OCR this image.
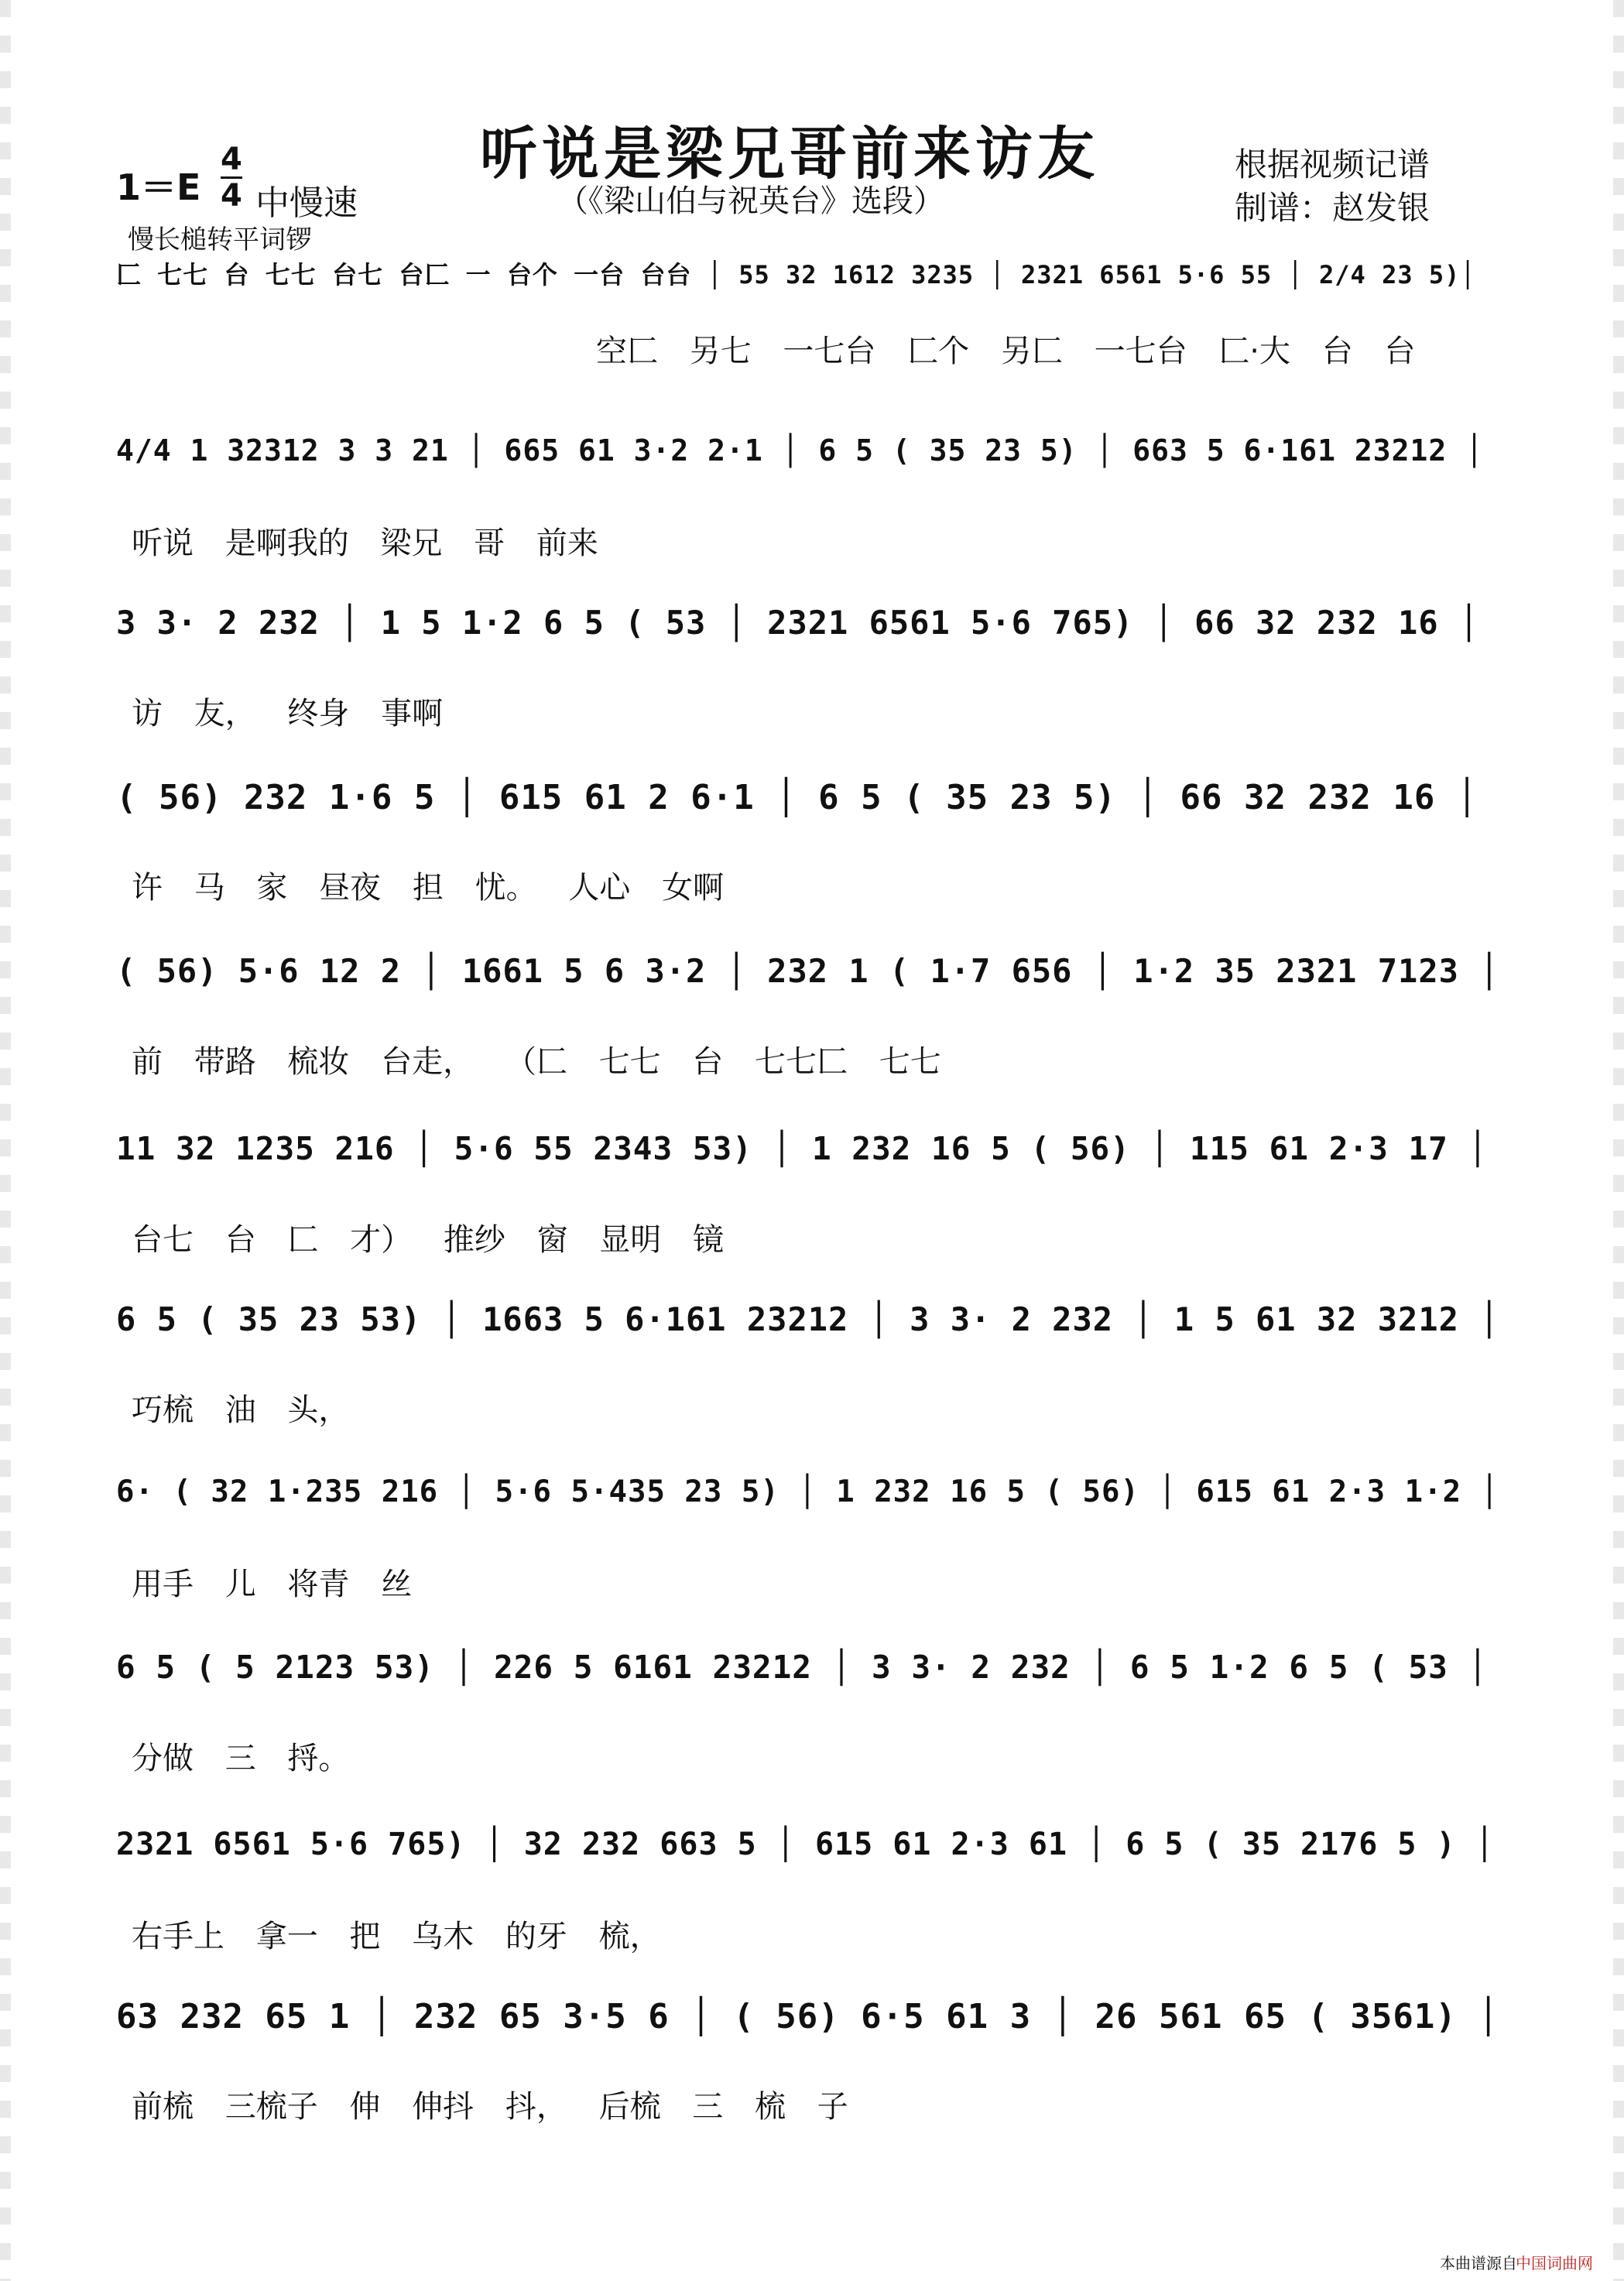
听说是梁兄哥前来访友
（《梁山伯与祝英台》选段）
1＝E
4
4 中慢速
慢长槌转平词锣
根据视频记谱
制谱：赵发银
匚 七七 台 七七 台七 台匚 一 台个 一台 台台 │ 55 32 1612 3235 │ 2321 6561 5·6 55 │ 2/4 23 5)│
空匚 另七 一七台 匚个 另匚 一七台 匚·大 台 台
4/4 1 32312 3 3 21 │ 665 61 3·2 2·1 │ 6 5 ( 35 23 5) │ 663 5 6·161 23212 │
听说 是啊我的 梁兄 哥 前来
3 3· 2 232 │ 1 5 1·2 6 5 ( 53 │ 2321 6561 5·6 765) │ 66 32 232 16 │
访 友， 终身 事啊
( 56) 232 1·6 5 │ 615 61 2 6·1 │ 6 5 ( 35 23 5) │ 66 32 232 16 │
许 马 家 昼夜 担 忧。 人心 女啊
( 56) 5·6 12 2 │ 1661 5 6 3·2 │ 232 1 ( 1·7 656 │ 1·2 35 2321 7123 │
前 带路 梳妆 台走， （匚 七七 台 七七匚 七七
11 32 1235 216 │ 5·6 55 2343 53) │ 1 232 16 5 ( 56) │ 115 61 2·3 17 │
台七 台 匚 才） 推纱 窗 显明 镜
6 5 ( 35 23 53) │ 1663 5 6·161 23212 │ 3 3· 2 232 │ 1 5 61 32 3212 │
巧梳 油 头，
6· ( 32 1·235 216 │ 5·6 5·435 23 5) │ 1 232 16 5 ( 56) │ 615 61 2·3 1·2 │
用手 儿 将青 丝
6 5 ( 5 2123 53) │ 226 5 6161 23212 │ 3 3· 2 232 │ 6 5 1·2 6 5 ( 53 │
分做 三 捋。
2321 6561 5·6 765) │ 32 232 663 5 │ 615 61 2·3 61 │ 6 5 ( 35 2176 5 ) │
右手上 拿一 把 乌木 的牙 梳，
63 232 65 1 │ 232 65 3·5 6 │ ( 56) 6·5 61 3 │ 26 561 65 ( 3561) │
前梳 三梳子 伸 伸抖 抖， 后梳 三 梳 子
本曲谱源自
中国词曲网
